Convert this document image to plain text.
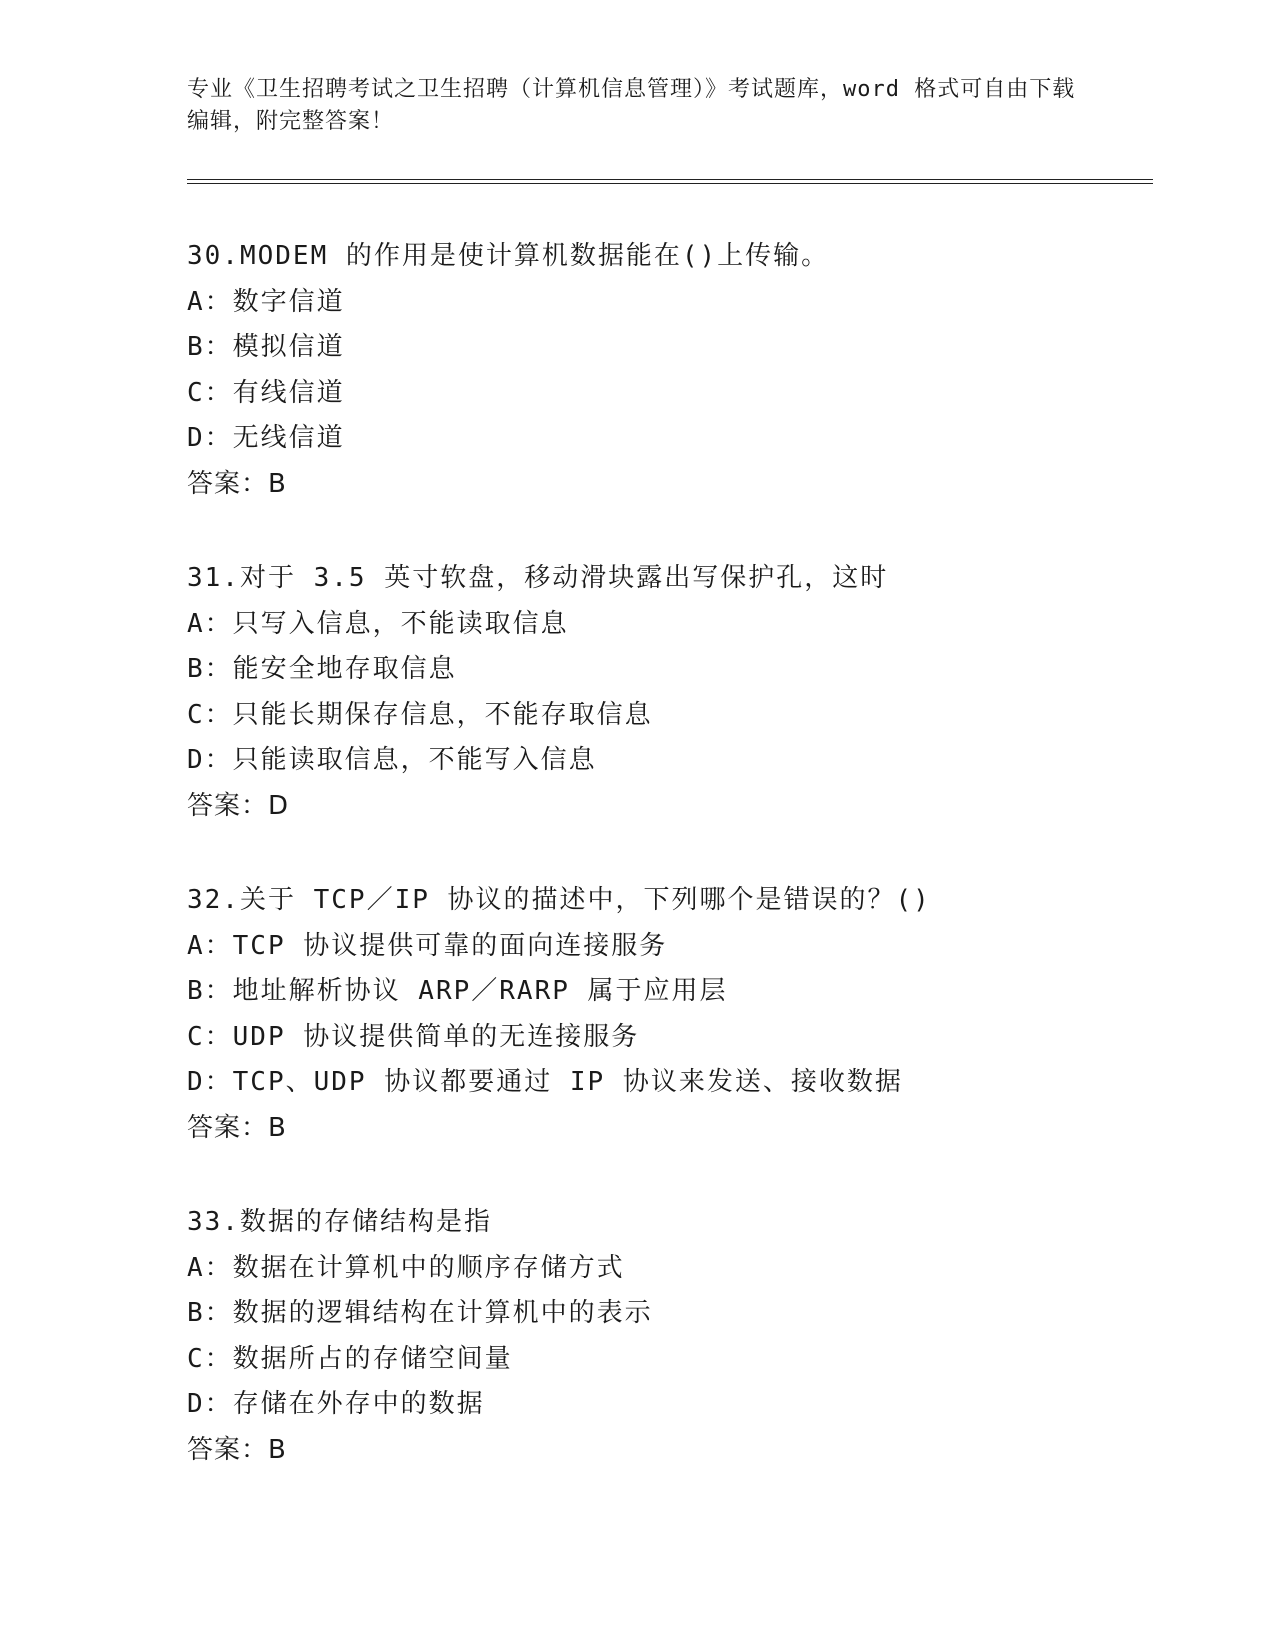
专业《卫生招聘考试之卫生招聘（计算机信息管理）》考试题库，word 格式可自由下载编辑，附完整答案！
30.MODEM 的作用是使计算机数据能在()上传输。
A：数字信道
B：模拟信道
C：有线信道
D：无线信道
答案：B
31.对于 3.5 英寸软盘，移动滑块露出写保护孔，这时
A：只写入信息，不能读取信息
B：能安全地存取信息
C：只能长期保存信息，不能存取信息
D：只能读取信息，不能写入信息
答案：D
32.关于 TCP／IP 协议的描述中，下列哪个是错误的？()
A：TCP 协议提供可靠的面向连接服务
B：地址解析协议 ARP／RARP 属于应用层
C：UDP 协议提供简单的无连接服务
D：TCP、UDP 协议都要通过 IP 协议来发送、接收数据
答案：B
33.数据的存储结构是指
A：数据在计算机中的顺序存储方式
B：数据的逻辑结构在计算机中的表示
C：数据所占的存储空间量
D：存储在外存中的数据
答案：B
